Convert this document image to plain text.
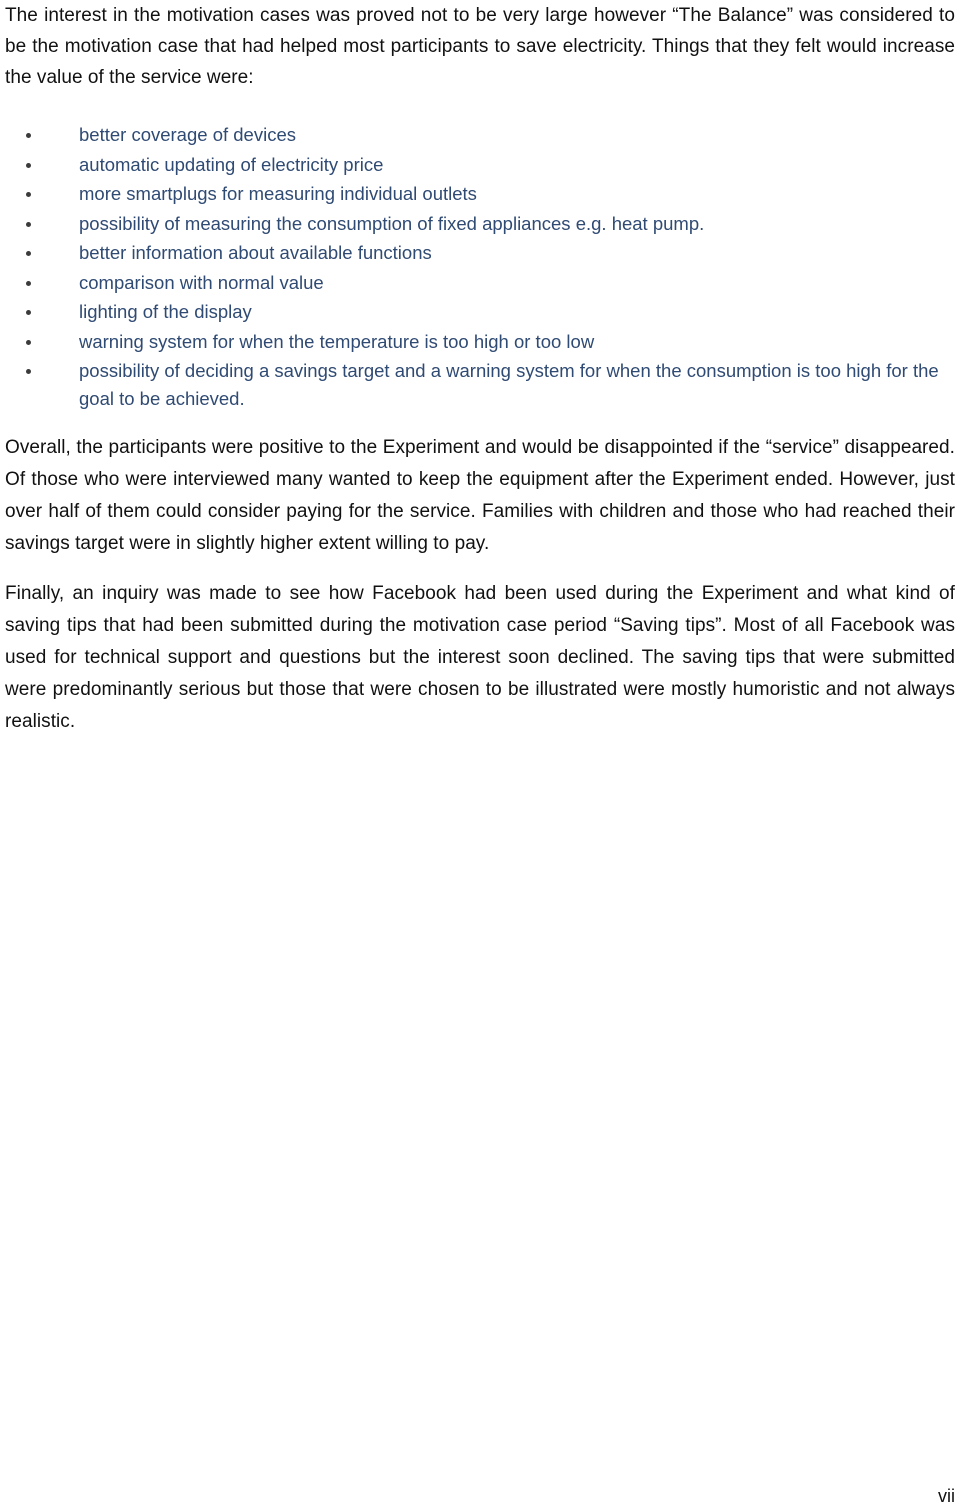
The interest in the motivation cases was proved not to be very large however “The Balance” was considered to be the motivation case that had helped most participants to save electricity. Things that they felt would increase the value of the service were:

better coverage of devices
automatic updating of electricity price
more smartplugs for measuring individual outlets
possibility of measuring the consumption of fixed appliances e.g. heat pump.
better information about available functions
comparison with normal value
lighting of the display
warning system for when the temperature is too high or too low
possibility of deciding a savings target and a warning system for when the consumption is too high for the goal to be achieved.

Overall, the participants were positive to the Experiment and would be disappointed if the “service” disappeared. Of those who were interviewed many wanted to keep the equipment after the Experiment ended. However, just over half of them could consider paying for the service. Families with children and those who had reached their savings target were in slightly higher extent willing to pay.

Finally, an inquiry was made to see how Facebook had been used during the Experiment and what kind of saving tips that had been submitted during the motivation case period “Saving tips”. Most of all Facebook was used for technical support and questions but the interest soon declined. The saving tips that were submitted were predominantly serious but those that were chosen to be illustrated were mostly humoristic and not always realistic.

vii
